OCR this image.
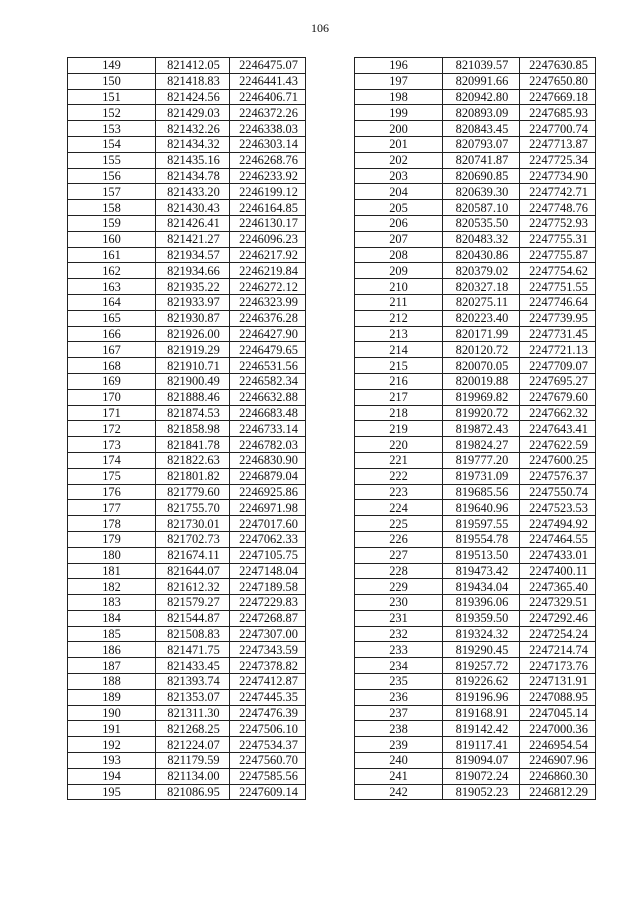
106
149	821412.05	2246475.07
150	821418.83	2246441.43
151	821424.56	2246406.71
152	821429.03	2246372.26
153	821432.26	2246338.03
154	821434.32	2246303.14
155	821435.16	2246268.76
156	821434.78	2246233.92
157	821433.20	2246199.12
158	821430.43	2246164.85
159	821426.41	2246130.17
160	821421.27	2246096.23
161	821934.57	2246217.92
162	821934.66	2246219.84
163	821935.22	2246272.12
164	821933.97	2246323.99
165	821930.87	2246376.28
166	821926.00	2246427.90
167	821919.29	2246479.65
168	821910.71	2246531.56
169	821900.49	2246582.34
170	821888.46	2246632.88
171	821874.53	2246683.48
172	821858.98	2246733.14
173	821841.78	2246782.03
174	821822.63	2246830.90
175	821801.82	2246879.04
176	821779.60	2246925.86
177	821755.70	2246971.98
178	821730.01	2247017.60
179	821702.73	2247062.33
180	821674.11	2247105.75
181	821644.07	2247148.04
182	821612.32	2247189.58
183	821579.27	2247229.83
184	821544.87	2247268.87
185	821508.83	2247307.00
186	821471.75	2247343.59
187	821433.45	2247378.82
188	821393.74	2247412.87
189	821353.07	2247445.35
190	821311.30	2247476.39
191	821268.25	2247506.10
192	821224.07	2247534.37
193	821179.59	2247560.70
194	821134.00	2247585.56
195	821086.95	2247609.14
196	821039.57	2247630.85
197	820991.66	2247650.80
198	820942.80	2247669.18
199	820893.09	2247685.93
200	820843.45	2247700.74
201	820793.07	2247713.87
202	820741.87	2247725.34
203	820690.85	2247734.90
204	820639.30	2247742.71
205	820587.10	2247748.76
206	820535.50	2247752.93
207	820483.32	2247755.31
208	820430.86	2247755.87
209	820379.02	2247754.62
210	820327.18	2247751.55
211	820275.11	2247746.64
212	820223.40	2247739.95
213	820171.99	2247731.45
214	820120.72	2247721.13
215	820070.05	2247709.07
216	820019.88	2247695.27
217	819969.82	2247679.60
218	819920.72	2247662.32
219	819872.43	2247643.41
220	819824.27	2247622.59
221	819777.20	2247600.25
222	819731.09	2247576.37
223	819685.56	2247550.74
224	819640.96	2247523.53
225	819597.55	2247494.92
226	819554.78	2247464.55
227	819513.50	2247433.01
228	819473.42	2247400.11
229	819434.04	2247365.40
230	819396.06	2247329.51
231	819359.50	2247292.46
232	819324.32	2247254.24
233	819290.45	2247214.74
234	819257.72	2247173.76
235	819226.62	2247131.91
236	819196.96	2247088.95
237	819168.91	2247045.14
238	819142.42	2247000.36
239	819117.41	2246954.54
240	819094.07	2246907.96
241	819072.24	2246860.30
242	819052.23	2246812.29
